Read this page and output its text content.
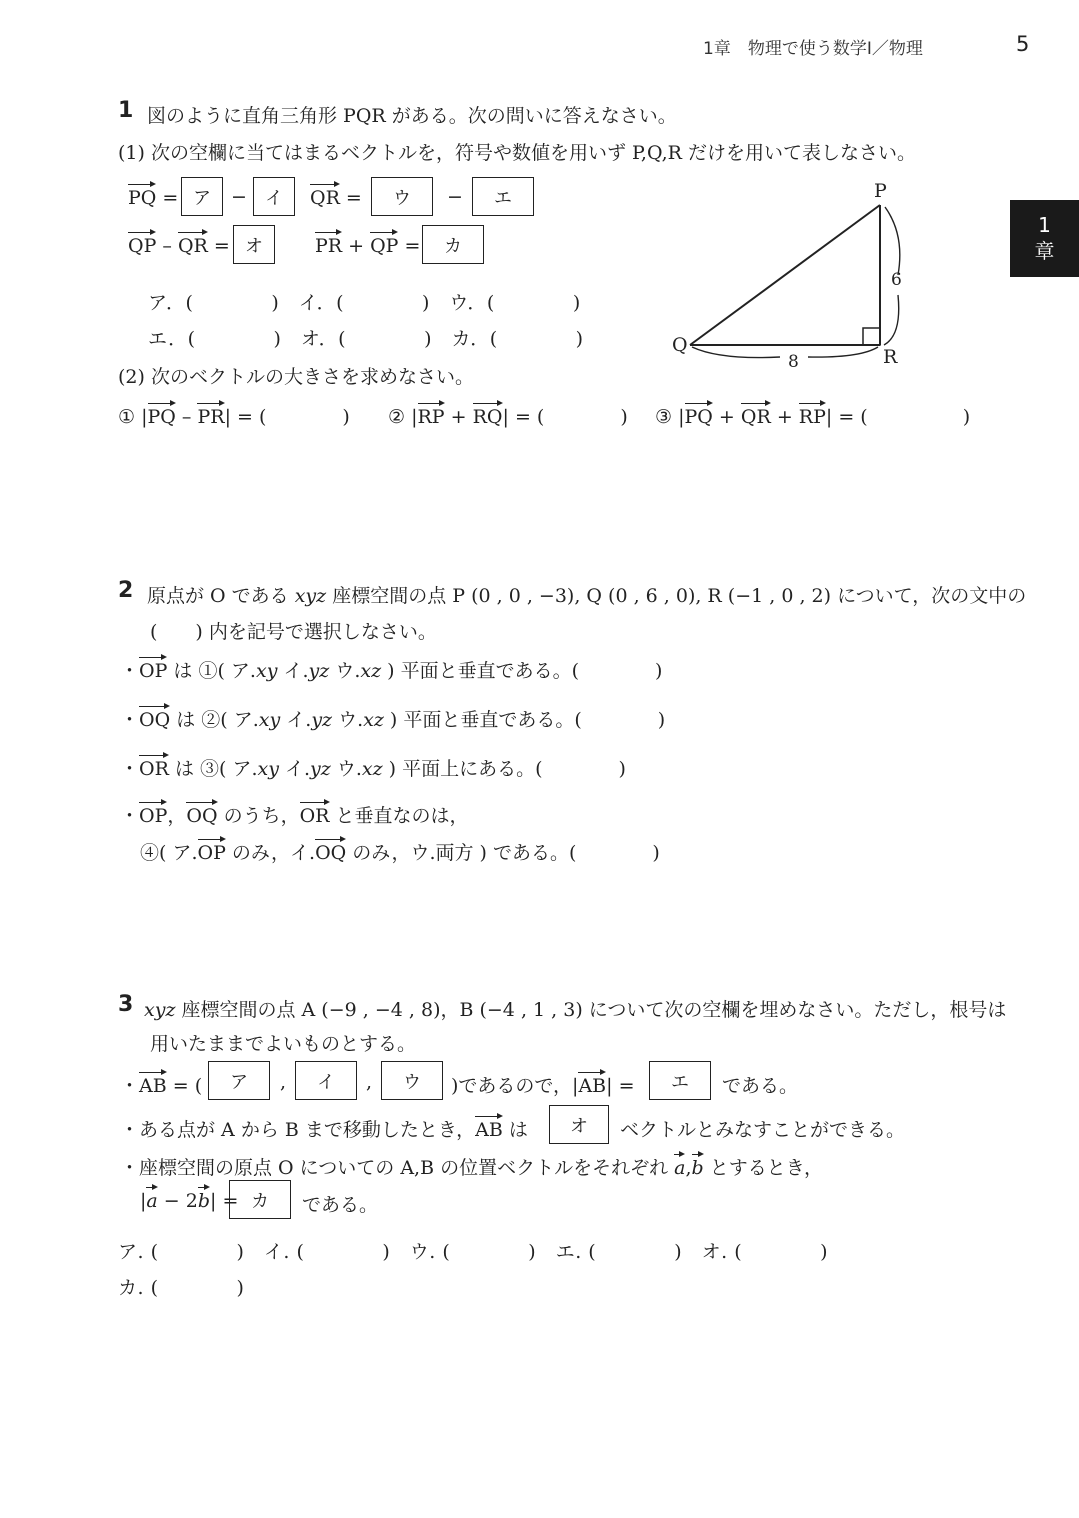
1章　物理で使う数学Ⅰ／物理	5
1
章
1 図のように直角三角形 PQR がある。次の問いに答えなさい。
(1) 次の空欄に当てはまるベクトルを，符号や数値を用いず P,Q,R だけを用いて表しなさい。
PQ = ア	−	イ	QR =	ウ	−	エ
QP – QR = オ	PR + QP =	カ
ア．(　　　　)　イ．(　　　　)　ウ．(　　　　)
エ．(　　　　)　オ．(　　　　)　カ．(　　　　)
P
Q
R
6
8
(2) 次のベクトルの大きさを求めなさい。
① |PQ – PR| = (　　　　) ② |RP + RQ| = (　　　　) ③ |PQ + QR + RP| = (　　　　　)
2 原点が O である xyz 座標空間の点 P (0 , 0 , −3), Q (0 , 6 , 0), R (−1 , 0 , 2) について，次の文中の
(　　) 内を記号で選択しなさい。
・OP は ①( ア.xy イ.yz ウ.xz ) 平面と垂直である。(　　　　)
・OQ は ②( ア.xy イ.yz ウ.xz ) 平面と垂直である。(　　　　)
・OR は ③( ア.xy イ.yz ウ.xz ) 平面上にある。(　　　　)
・OP，OQ のうち，OR と垂直なのは，
④( ア.OP のみ，イ.OQ のみ，ウ.両方 ) である。(　　　　)
3 xyz 座標空間の点 A (−9 , −4 , 8)，B (−4 , 1 , 3) について次の空欄を埋めなさい。ただし，根号は
用いたままでよいものとする。
・AB = (	ア	,	イ	,	ウ	)であるので，|AB| =	エ	である。
・ある点が A から B まで移動したとき，AB は	オ	ベクトルとみなすことができる。
・座標空間の原点 O についての A,B の位置ベクトルをそれぞれ a,b とするとき，
|a − 2b| = カ	である。
ア. (　　　　)　イ. (　　　　)　ウ. (　　　　)　エ. (　　　　)　オ. (　　　　)
カ. (　　　　)
